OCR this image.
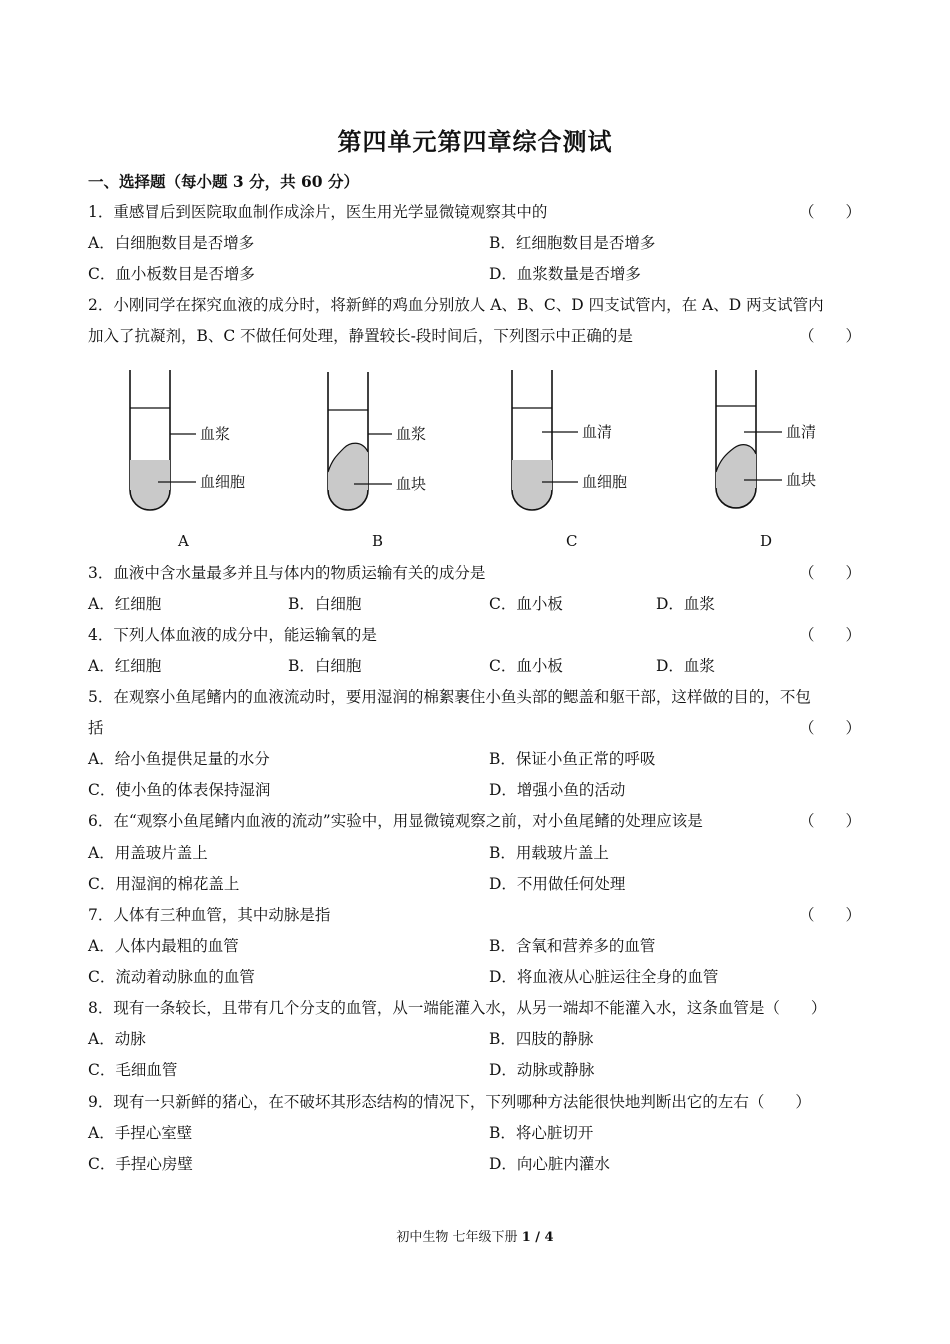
第四单元第四章综合测试
一、选择题（每小题 3 分，共 60 分）
1．重感冒后到医院取血制作成涂片，医生用光学显微镜观察其中的	（　　）
A．白细胞数目是否增多	B．红细胞数目是否增多
C．血小板数目是否增多	D．血浆数量是否增多
2．小刚同学在探究血液的成分时，将新鲜的鸡血分别放人 A、B、C、D 四支试管内，在 A、D 两支试管内
加入了抗凝剂，B、C 不做任何处理，静置较长-段时间后，下列图示中正确的是	（　　）
血浆
血细胞
血浆
血块
血清
血细胞
血清
血块
A	B	C	D
3．血液中含水量最多并且与体内的物质运输有关的成分是	（　　）
A．红细胞	B．白细胞	C．血小板	D．血浆
4．下列人体血液的成分中，能运输氧的是	（　　）
A．红细胞	B．白细胞	C．血小板	D．血浆
5．在观察小鱼尾鳍内的血液流动时，要用湿润的棉絮裹住小鱼头部的鳃盖和躯干部，这样做的目的，不包
括	（　　）
A．给小鱼提供足量的水分	B．保证小鱼正常的呼吸
C．使小鱼的体表保持湿润	D．增强小鱼的活动
6．在“观察小鱼尾鳍内血液的流动”实验中，用显微镜观察之前，对小鱼尾鳍的处理应该是	（　　）
A．用盖玻片盖上	B．用载玻片盖上
C．用湿润的棉花盖上	D．不用做任何处理
7．人体有三种血管，其中动脉是指	（　　）
A．人体内最粗的血管	B．含氧和营养多的血管
C．流动着动脉血的血管	D．将血液从心脏运往全身的血管
8．现有一条较长，且带有几个分支的血管，从一端能灌入水，从另一端却不能灌入水，这条血管是（　　）
A．动脉	B．四肢的静脉
C．毛细血管	D．动脉或静脉
9．现有一只新鲜的猪心，在不破坏其形态结构的情况下，下列哪种方法能很快地判断出它的左右（　　）
A．手捏心室壁	B．将心脏切开
C．手捏心房壁	D．向心脏内灌水
初中生物 七年级下册 1 / 4
